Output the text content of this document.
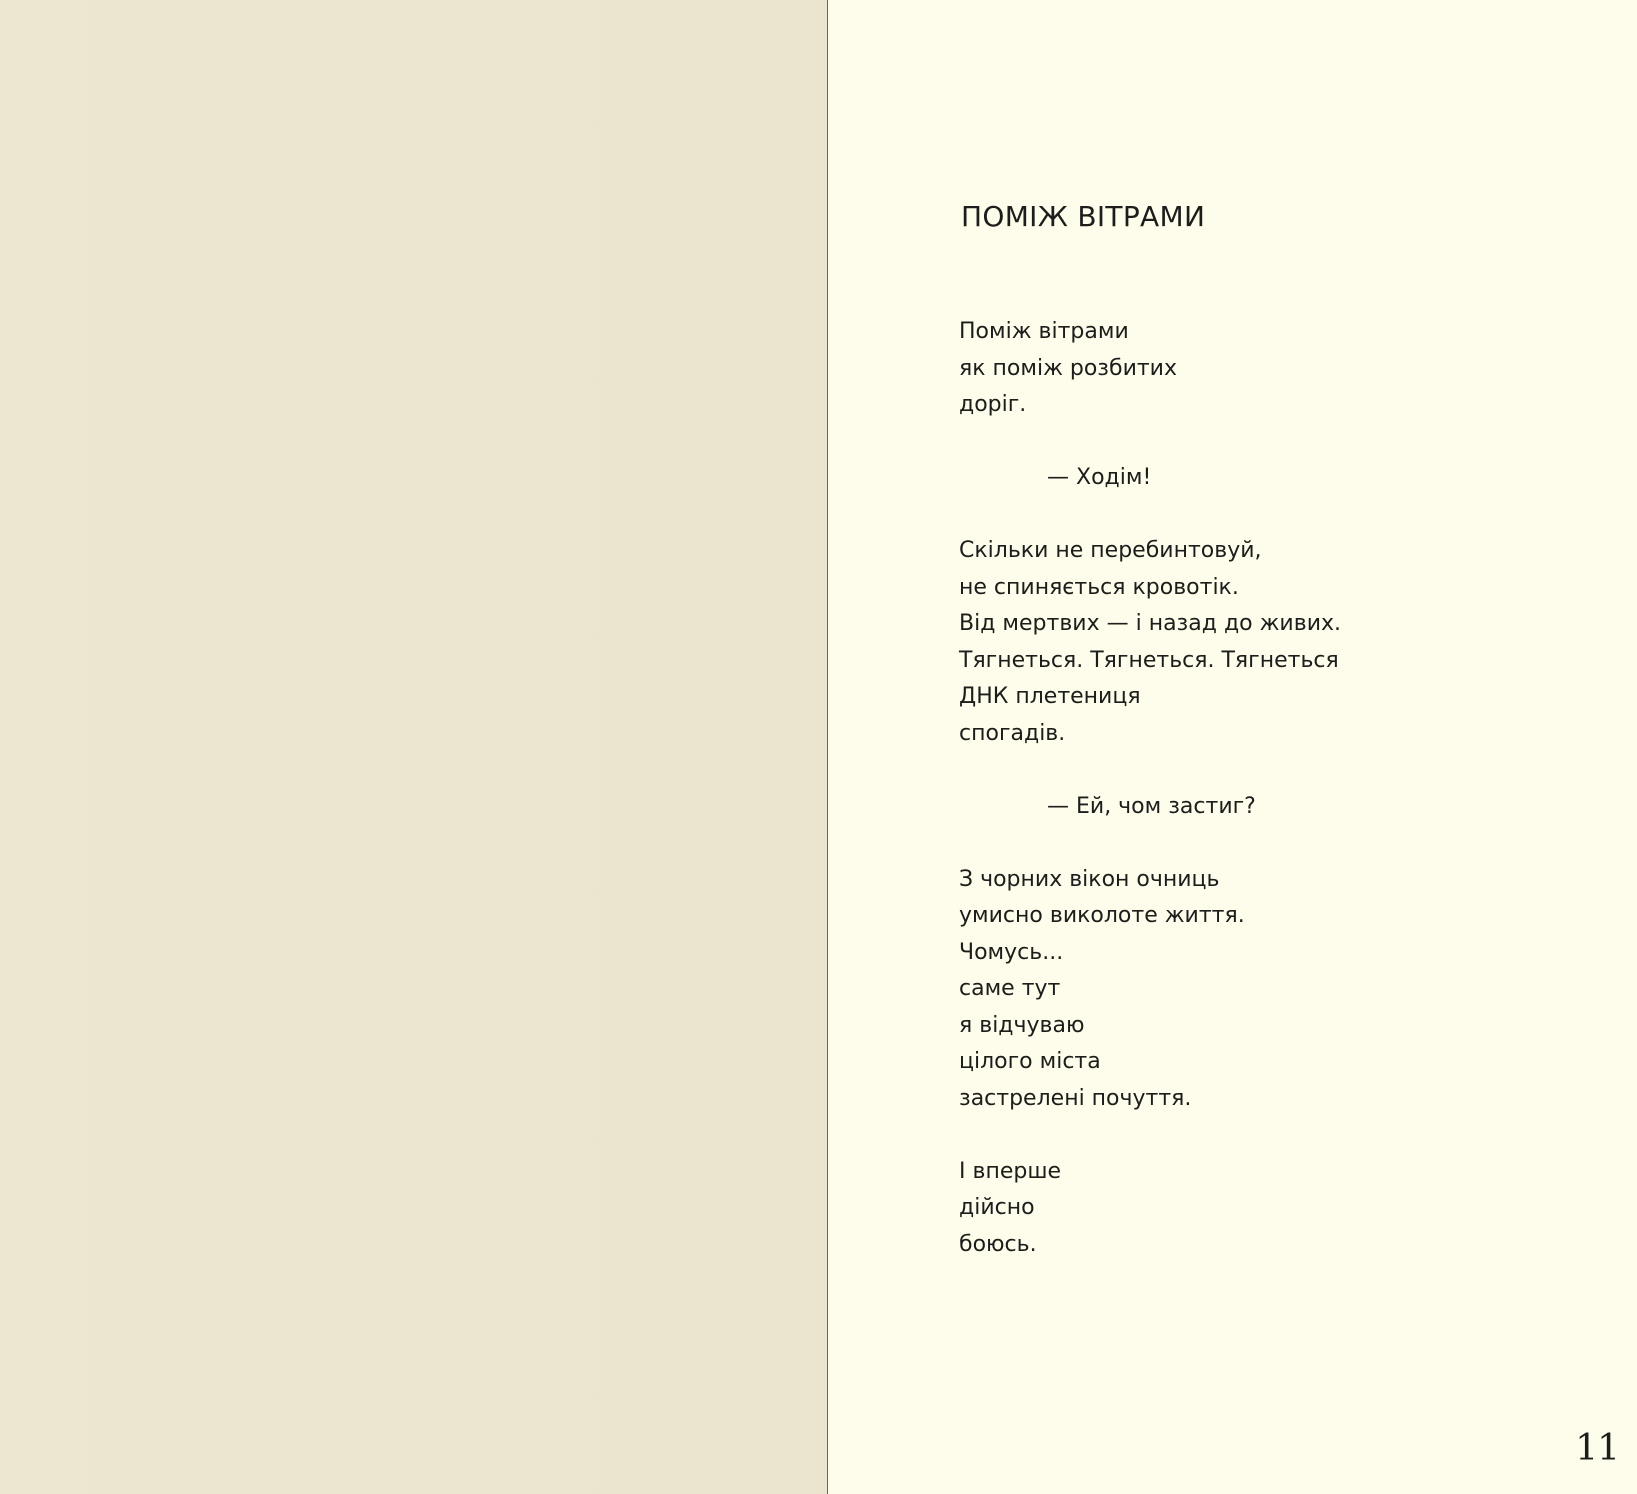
ПОМІЖ ВІТРАМИ
Поміж вітрами
як поміж розбитих
доріг.
— Ходім!
Скільки не перебинтовуй,
не спиняється кровотік.
Від мертвих — і назад до живих.
Тягнеться. Тягнеться. Тягнеться
ДНК плетениця
спогадів.
— Ей, чом застиг?
З чорних вікон очниць
умисно виколоте життя.
Чомусь...
саме тут
я відчуваю
цілого міста
застрелені почуття.
І вперше
дійсно
боюсь.
11
